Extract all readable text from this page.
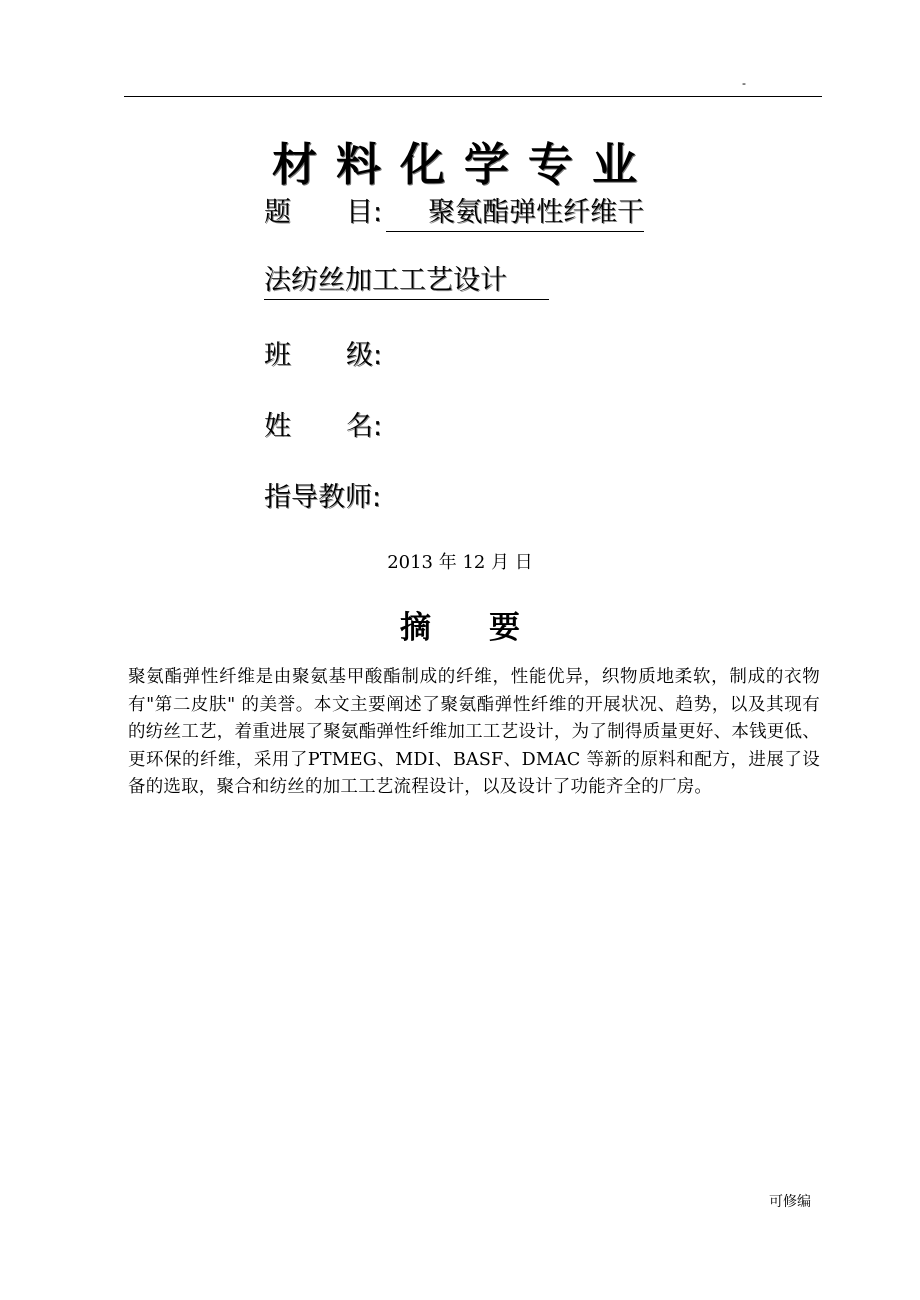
-
材料化学专业
题 目: 聚氨酯弹性纤维干
法纺丝加工工艺设计
班 级:
姓 名:
指导教师:
2013 年 12 月 日
摘要

聚氨酯弹性纤维是由聚氨基甲酸酯制成的纤维，性能优异，织物质地柔软，制成的衣物有"第二皮肤" 的美誉。本文主要阐述了聚氨酯弹性纤维的开展状况、趋势，以及其现有的纺丝工艺，着重进展了聚氨酯弹性纤维加工工艺设计，为了制得质量更好、本钱更低、更环保的纤维，采用了PTMEG、MDI、BASF、DMAC 等新的原料和配方，进展了设备的选取，聚合和纺丝的加工工艺流程设计，以及设计了功能齐全的厂房。

可修编
